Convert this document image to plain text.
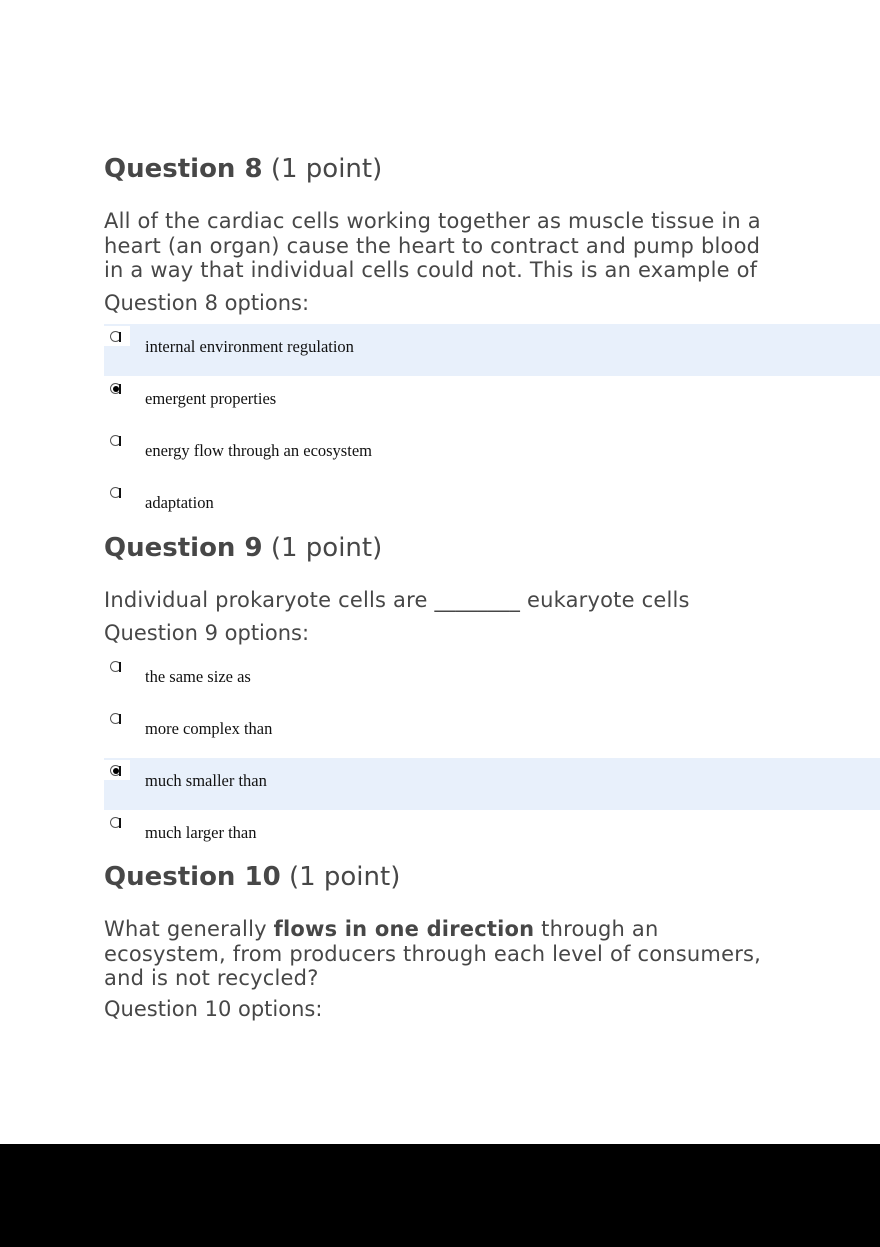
Question 8 (1 point)
All of the cardiac cells working together as muscle tissue in a heart (an organ) cause the heart to contract and pump blood in a way that individual cells could not. This is an example of
Question 8 options:
internal environment regulation
emergent properties
energy flow through an ecosystem
adaptation
Question 9 (1 point)
Individual prokaryote cells are ________ eukaryote cells
Question 9 options:
the same size as
more complex than
much smaller than
much larger than
Question 10 (1 point)
What generally flows in one direction through an ecosystem, from producers through each level of consumers, and is not recycled?
Question 10 options:
